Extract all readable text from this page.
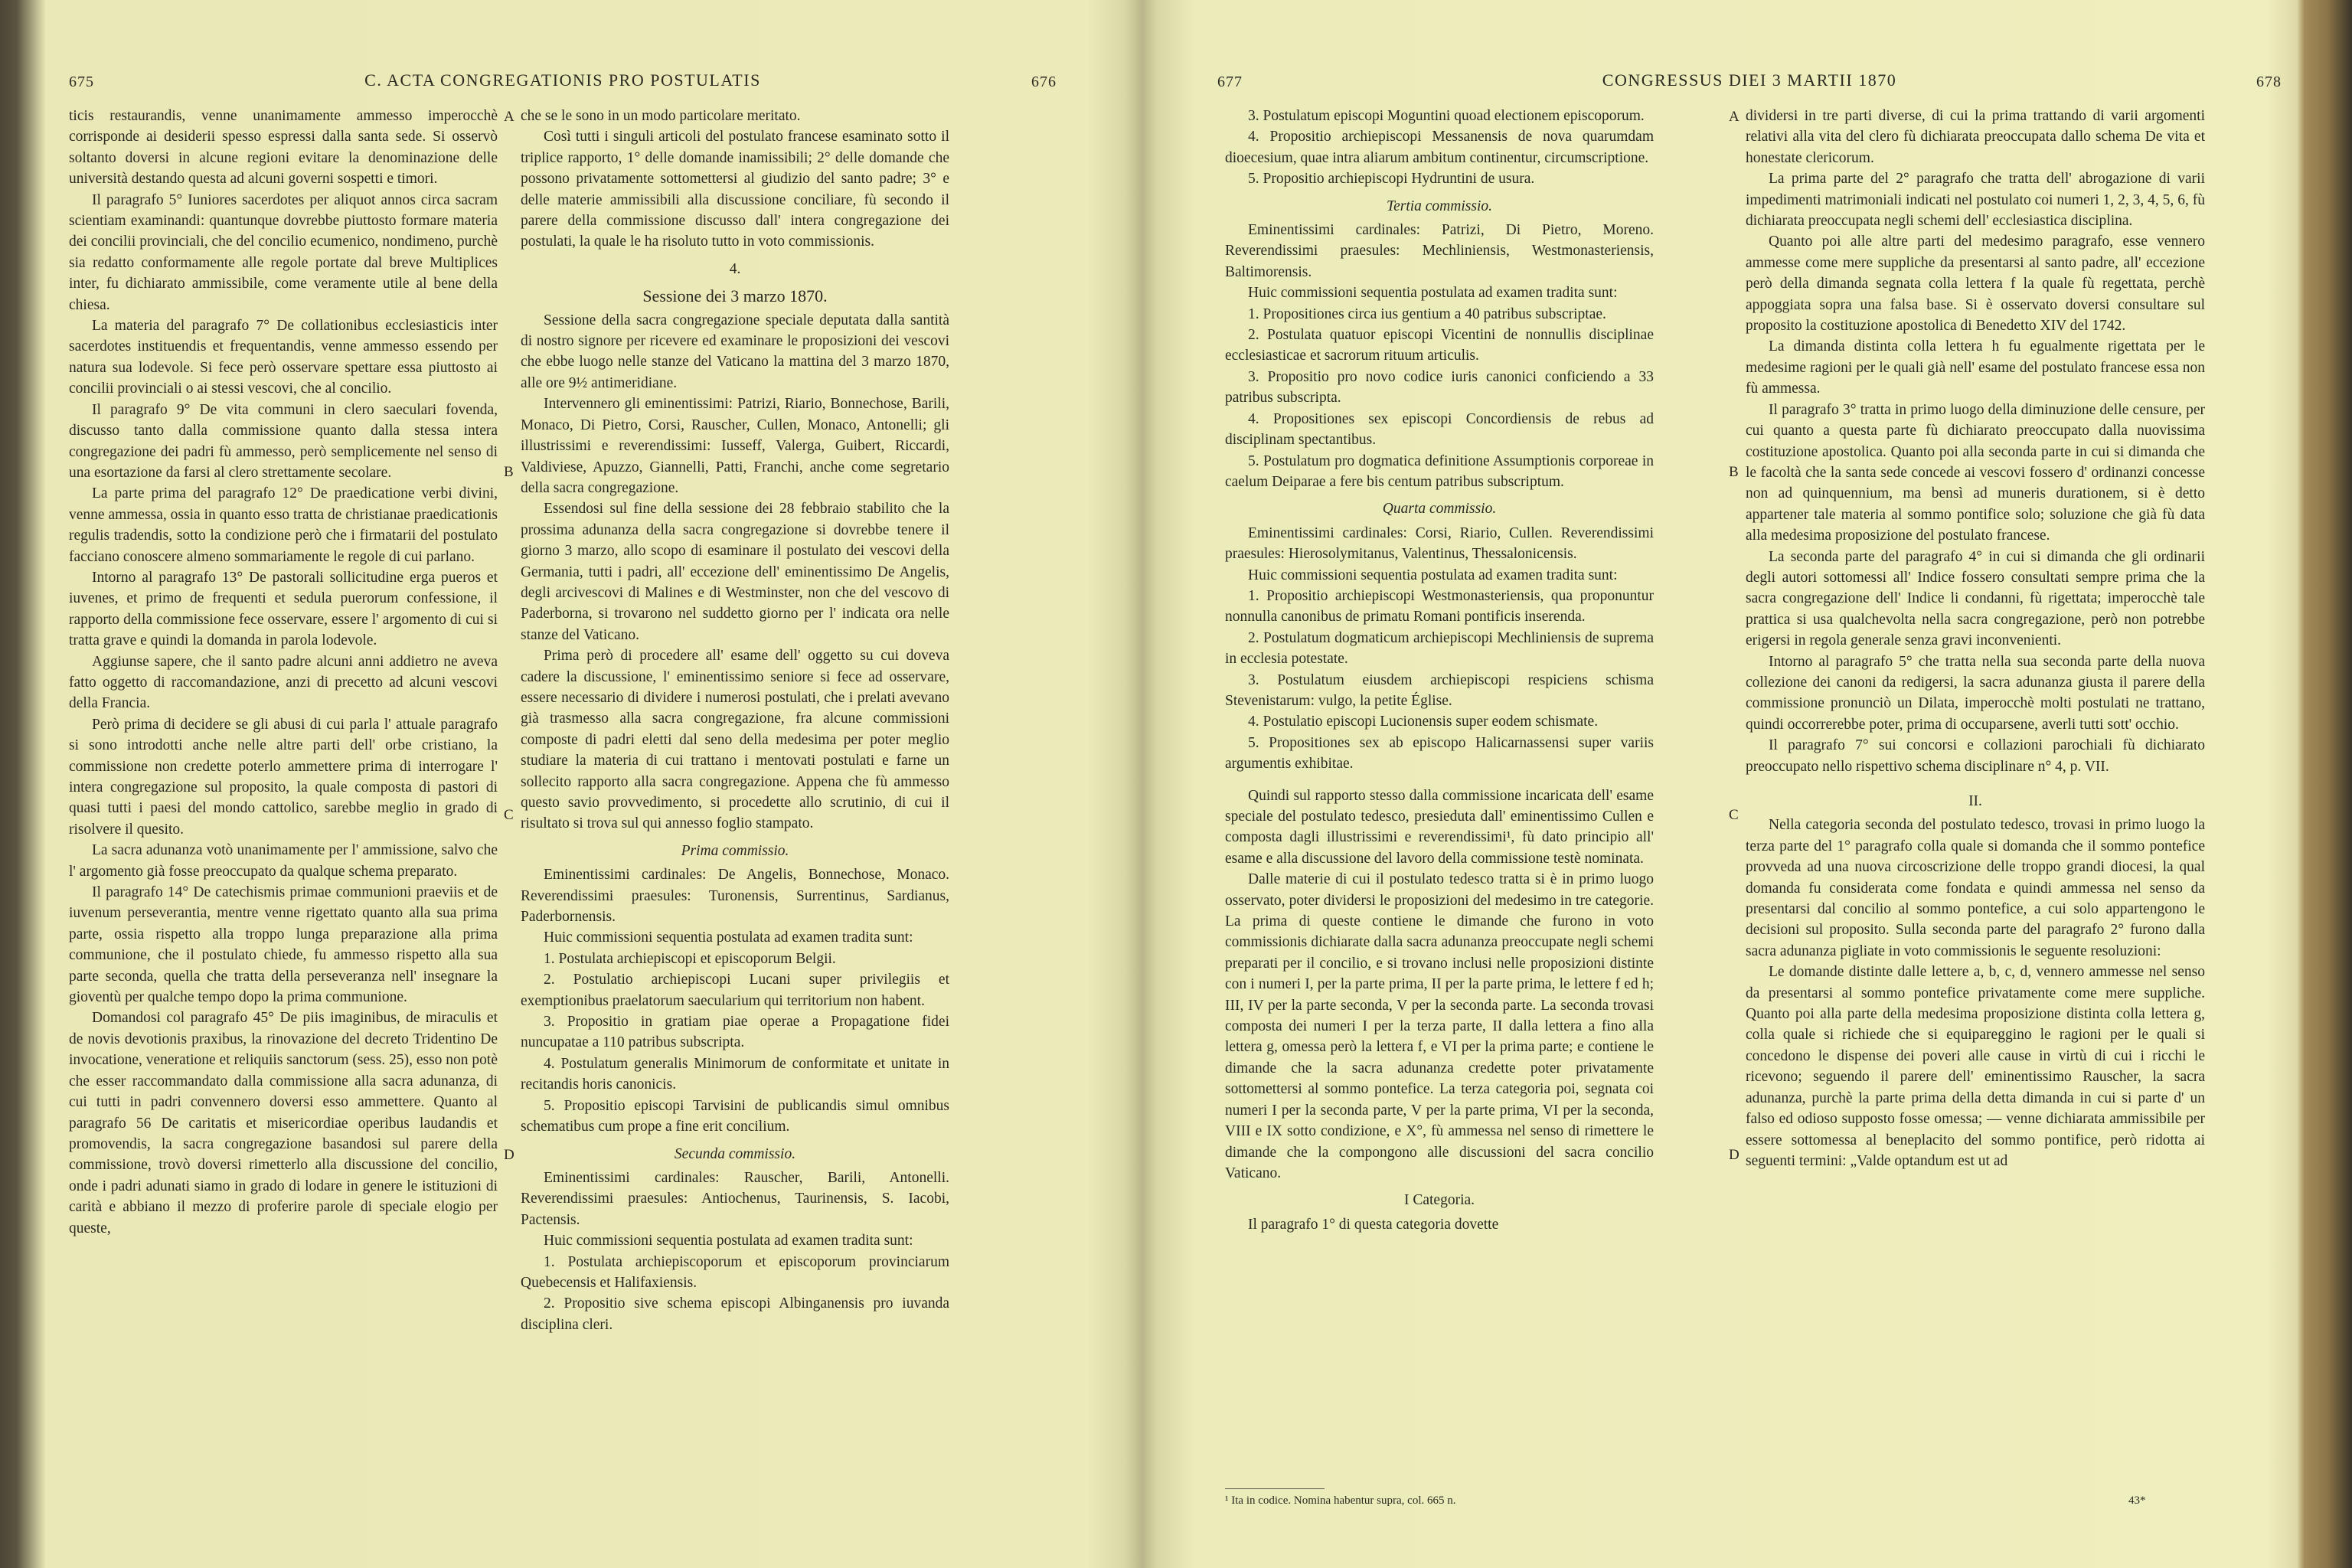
675	C. ACTA CONGREGATIONIS PRO POSTULATIS	676

ticis restaurandis, venne unanimamente ammesso imperocchè corrisponde ai desiderii spesso espressi dalla santa sede. Si osservò soltanto doversi in alcune regioni evitare la denominazione delle università destando questa ad alcuni governi sospetti e timori.

Il paragrafo 5° Iuniores sacerdotes per aliquot annos circa sacram scientiam examinandi: quantunque dovrebbe piuttosto formare materia dei concilii provinciali, che del concilio ecumenico, nondimeno, purchè sia redatto conformamente alle regole portate dal breve Multiplices inter, fu dichiarato ammissibile, come veramente utile al bene della chiesa.

La materia del paragrafo 7° De collationibus ecclesiasticis inter sacerdotes instituendis et frequentandis, venne ammesso essendo per natura sua lodevole. Si fece però osservare spettare essa piuttosto ai concilii provinciali o ai stessi vescovi, che al concilio.

Il paragrafo 9° De vita communi in clero saeculari fovenda, discusso tanto dalla commissione quanto dalla stessa intera congregazione dei padri fù ammesso, però semplicemente nel senso di una esortazione da farsi al clero strettamente secolare.

La parte prima del paragrafo 12° De praedicatione verbi divini, venne ammessa, ossia in quanto esso tratta de christianae praedicationis regulis tradendis, sotto la condizione però che i firmatarii del postulato facciano conoscere almeno sommariamente le regole di cui parlano.

Intorno al paragrafo 13° De pastorali sollicitudine erga pueros et iuvenes, et primo de frequenti et sedula puerorum confessione, il rapporto della commissione fece osservare, essere l' argomento di cui si tratta grave e quindi la domanda in parola lodevole.

Aggiunse sapere, che il santo padre alcuni anni addietro ne aveva fatto oggetto di raccomandazione, anzi di precetto ad alcuni vescovi della Francia.

Però prima di decidere se gli abusi di cui parla l' attuale paragrafo si sono introdotti anche nelle altre parti dell' orbe cristiano, la commissione non credette poterlo ammettere prima di interrogare l' intera congregazione sul proposito, la quale composta di pastori di quasi tutti i paesi del mondo cattolico, sarebbe meglio in grado di risolvere il quesito.

La sacra adunanza votò unanimamente per l' ammissione, salvo che l' argomento già fosse preoccupato da qualque schema preparato.

Il paragrafo 14° De catechismis primae communioni praeviis et de iuvenum perseverantia, mentre venne rigettato quanto alla sua prima parte, ossia rispetto alla troppo lunga preparazione alla prima communione, che il postulato chiede, fu ammesso rispetto alla sua parte seconda, quella che tratta della perseveranza nell' insegnare la gioventù per qualche tempo dopo la prima communione.

Domandosi col paragrafo 45° De piis imaginibus, de miraculis et de novis devotionis praxibus, la rinovazione del decreto Tridentino De invocatione, veneratione et reliquiis sanctorum (sess. 25), esso non potè che esser raccommandato dalla commissione alla sacra adunanza, di cui tutti in padri convennero doversi esso ammettere. Quanto al paragrafo 56 De caritatis et misericordiae operibus laudandis et promovendis, la sacra congregazione basandosi sul parere della commissione, trovò doversi rimetterlo alla discussione del concilio, onde i padri adunati siamo in grado di lodare in genere le istituzioni di carità e abbiano il mezzo di proferire parole di speciale elogio per queste,

che se le sono in un modo particolare meritato.

Così tutti i singuli articoli del postulato francese esaminato sotto il triplice rapporto, 1° delle domande inamissibili; 2° delle domande che possono privatamente sottomettersi al giudizio del santo padre; 3° e delle materie ammissibili alla discussione conciliare, fù secondo il parere della commissione discusso dall' intera congregazione dei postulati, la quale le ha risoluto tutto in voto commissionis.

4.

Sessione dei 3 marzo 1870.

Sessione della sacra congregazione speciale deputata dalla santità di nostro signore per ricevere ed examinare le proposizioni dei vescovi che ebbe luogo nelle stanze del Vaticano la mattina del 3 marzo 1870, alle ore 9½ antimeridiane.

Intervennero gli eminentissimi: Patrizi, Riario, Bonnechose, Barili, Monaco, Di Pietro, Corsi, Rauscher, Cullen, Monaco, Antonelli; gli illustrissimi e reverendissimi: Iusseff, Valerga, Guibert, Riccardi, Valdiviese, Apuzzo, Giannelli, Patti, Franchi, anche come segretario della sacra congregazione.

Essendosi sul fine della sessione dei 28 febbraio stabilito che la prossima adunanza della sacra congregazione si dovrebbe tenere il giorno 3 marzo, allo scopo di esaminare il postulato dei vescovi della Germania, tutti i padri, all' eccezione dell' eminentissimo De Angelis, degli arcivescovi di Malines e di Westminster, non che del vescovo di Paderborna, si trovarono nel suddetto giorno per l' indicata ora nelle stanze del Vaticano.

Prima però di procedere all' esame dell' oggetto su cui doveva cadere la discussione, l' eminentissimo seniore si fece ad osservare, essere necessario di dividere i numerosi postulati, che i prelati avevano già trasmesso alla sacra congregazione, fra alcune commissioni composte di padri eletti dal seno della medesima per poter meglio studiare la materia di cui trattano i mentovati postulati e farne un sollecito rapporto alla sacra congregazione. Appena che fù ammesso questo savio provvedimento, si procedette allo scrutinio, di cui il risultato si trova sul qui annesso foglio stampato.

Prima commissio.

Eminentissimi cardinales: De Angelis, Bonnechose, Monaco. Reverendissimi praesules: Turonensis, Surrentinus, Sardianus, Paderbornensis.

Huic commissioni sequentia postulata ad examen tradita sunt:

1. Postulata archiepiscopi et episcoporum Belgii.

2. Postulatio archiepiscopi Lucani super privilegiis et exemptionibus praelatorum saecularium qui territorium non habent.

3. Propositio in gratiam piae operae a Propagatione fidei nuncupatae a 110 patribus subscripta.

4. Postulatum generalis Minimorum de conformitate et unitate in recitandis horis canonicis.

5. Propositio episcopi Tarvisini de publicandis simul omnibus schematibus cum prope a fine erit concilium.

Secunda commissio.

Eminentissimi cardinales: Rauscher, Barili, Antonelli. Reverendissimi praesules: Antiochenus, Taurinensis, S. Iacobi, Pactensis.

Huic commissioni sequentia postulata ad examen tradita sunt:

1. Postulata archiepiscoporum et episcoporum provinciarum Quebecensis et Halifaxiensis.

2. Propositio sive schema episcopi Albinganensis pro iuvanda disciplina cleri.

A
B
C
D
677	CONGRESSUS DIEI 3 MARTII 1870	678

3. Postulatum episcopi Moguntini quoad electionem episcoporum.

4. Propositio archiepiscopi Messanensis de nova quarumdam dioecesium, quae intra aliarum ambitum continentur, circumscriptione.

5. Propositio archiepiscopi Hydruntini de usura.

Tertia commissio.

Eminentissimi cardinales: Patrizi, Di Pietro, Moreno. Reverendissimi praesules: Mechliniensis, Westmonasteriensis, Baltimorensis.

Huic commissioni sequentia postulata ad examen tradita sunt:

1. Propositiones circa ius gentium a 40 patribus subscriptae.

2. Postulata quatuor episcopi Vicentini de nonnullis disciplinae ecclesiasticae et sacrorum rituum articulis.

3. Propositio pro novo codice iuris canonici conficiendo a 33 patribus subscripta.

4. Propositiones sex episcopi Concordiensis de rebus ad disciplinam spectantibus.

5. Postulatum pro dogmatica definitione Assumptionis corporeae in caelum Deiparae a fere bis centum patribus subscriptum.

Quarta commissio.

Eminentissimi cardinales: Corsi, Riario, Cullen. Reverendissimi praesules: Hierosolymitanus, Valentinus, Thessalonicensis.

Huic commissioni sequentia postulata ad examen tradita sunt:

1. Propositio archiepiscopi Westmonasteriensis, qua proponuntur nonnulla canonibus de primatu Romani pontificis inserenda.

2. Postulatum dogmaticum archiepiscopi Mechliniensis de suprema in ecclesia potestate.

3. Postulatum eiusdem archiepiscopi respiciens schisma Stevenistarum: vulgo, la petite Église.

4. Postulatio episcopi Lucionensis super eodem schismate.

5. Propositiones sex ab episcopo Halicarnassensi super variis argumentis exhibitae.

Quindi sul rapporto stesso dalla commissione incaricata dell' esame speciale del postulato tedesco, presieduta dall' eminentissimo Cullen e composta dagli illustrissimi e reverendissimi¹, fù dato principio all' esame e alla discussione del lavoro della commissione testè nominata.

Dalle materie di cui il postulato tedesco tratta si è in primo luogo osservato, poter dividersi le proposizioni del medesimo in tre categorie. La prima di queste contiene le dimande che furono in voto commissionis dichiarate dalla sacra adunanza preoccupate negli schemi preparati per il concilio, e si trovano inclusi nelle proposizioni distinte con i numeri I, per la parte prima, II per la parte prima, le lettere f ed h; III, IV per la parte seconda, V per la seconda parte. La seconda trovasi composta dei numeri I per la terza parte, II dalla lettera a fino alla lettera g, omessa però la lettera f, e VI per la prima parte; e contiene le dimande che la sacra adunanza credette poter privatamente sottomettersi al sommo pontefice. La terza categoria poi, segnata coi numeri I per la seconda parte, V per la parte prima, VI per la seconda, VIII e IX sotto condizione, e X°, fù ammessa nel senso di rimettere le dimande che la compongono alle discussioni del sacra concilio Vaticano.

I Categoria.

Il paragrafo 1° di questa categoria dovette

dividersi in tre parti diverse, di cui la prima trattando di varii argomenti relativi alla vita del clero fù dichiarata preoccupata dallo schema De vita et honestate clericorum.

La prima parte del 2° paragrafo che tratta dell' abrogazione di varii impedimenti matrimoniali indicati nel postulato coi numeri 1, 2, 3, 4, 5, 6, fù dichiarata preoccupata negli schemi dell' ecclesiastica disciplina.

Quanto poi alle altre parti del medesimo paragrafo, esse vennero ammesse come mere suppliche da presentarsi al santo padre, all' eccezione però della dimanda segnata colla lettera f la quale fù regettata, perchè appoggiata sopra una falsa base. Si è osservato doversi consultare sul proposito la costituzione apostolica di Benedetto XIV del 1742.

La dimanda distinta colla lettera h fu egualmente rigettata per le medesime ragioni per le quali già nell' esame del postulato francese essa non fù ammessa.

Il paragrafo 3° tratta in primo luogo della diminuzione delle censure, per cui quanto a questa parte fù dichiarato preoccupato dalla nuovissima costituzione apostolica. Quanto poi alla seconda parte in cui si dimanda che le facoltà che la santa sede concede ai vescovi fossero d' ordinanzi concesse non ad quinquennium, ma bensì ad muneris durationem, si è detto appartener tale materia al sommo pontifice solo; soluzione che già fù data alla medesima proposizione del postulato francese.

La seconda parte del paragrafo 4° in cui si dimanda che gli ordinarii degli autori sottomessi all' Indice fossero consultati sempre prima che la sacra congregazione dell' Indice li condanni, fù rigettata; imperocchè tale prattica si usa qualchevolta nella sacra congregazione, però non potrebbe erigersi in regola generale senza gravi inconvenienti.

Intorno al paragrafo 5° che tratta nella sua seconda parte della nuova collezione dei canoni da redigersi, la sacra adunanza giusta il parere della commissione pronunciò un Dilata, imperocchè molti postulati ne trattano, quindi occorrerebbe poter, prima di occuparsene, averli tutti sott' occhio.

Il paragrafo 7° sui concorsi e collazioni parochiali fù dichiarato preoccupato nello rispettivo schema disciplinare n° 4, p. VII.

II.

Nella categoria seconda del postulato tedesco, trovasi in primo luogo la terza parte del 1° paragrafo colla quale si domanda che il sommo pontefice provveda ad una nuova circoscrizione delle troppo grandi diocesi, la qual domanda fu considerata come fondata e quindi ammessa nel senso da presentarsi dal concilio al sommo pontefice, a cui solo appartengono le decisioni sul proposito. Sulla seconda parte del paragrafo 2° furono dalla sacra adunanza pigliate in voto commissionis le seguente resoluzioni:

Le domande distinte dalle lettere a, b, c, d, vennero ammesse nel senso da presentarsi al sommo pontefice privatamente come mere suppliche. Quanto poi alla parte della medesima proposizione distinta colla lettera g, colla quale si richiede che si equipareggino le ragioni per le quali si concedono le dispense dei poveri alle cause in virtù di cui i ricchi le ricevono; seguendo il parere dell' eminentissimo Rauscher, la sacra adunanza, purchè la parte prima della detta dimanda in cui si parte d' un falso ed odioso supposto fosse omessa; — venne dichiarata ammissibile per essere sottomessa al beneplacito del sommo pontifice, però ridotta ai seguenti termini: „Valde optandum est ut ad

A
B
C
D
¹ Ita in codice. Nomina habentur supra, col. 665 n.	43*
